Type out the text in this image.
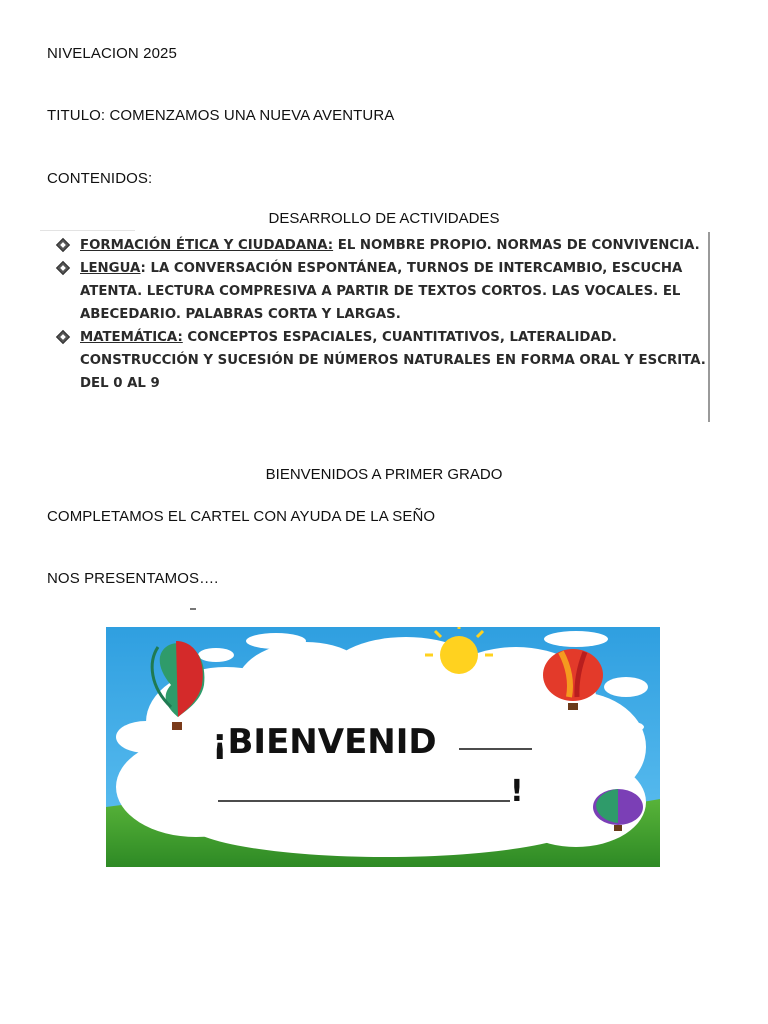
NIVELACION 2025
TITULO: COMENZAMOS UNA NUEVA AVENTURA
CONTENIDOS:
DESARROLLO DE ACTIVIDADES
FORMACIÓN ÉTICA Y CIUDADANA: EL NOMBRE PROPIO. NORMAS DE CONVIVENCIA.
LENGUA: LA CONVERSACIÓN ESPONTÁNEA, TURNOS DE INTERCAMBIO, ESCUCHA ATENTA. LECTURA COMPRESIVA A PARTIR DE TEXTOS CORTOS. LAS VOCALES. EL ABECEDARIO. PALABRAS CORTA Y LARGAS.
MATEMÁTICA: CONCEPTOS ESPACIALES, CUANTITATIVOS, LATERALIDAD. CONSTRUCCIÓN Y SUCESIÓN DE NÚMEROS NATURALES EN FORMA ORAL Y ESCRITA. DEL 0 AL 9
BIENVENIDOS A PRIMER GRADO
COMPLETAMOS EL CARTEL CON AYUDA DE LA SEÑO
NOS PRESENTAMOS….
¡BIENVENID
!
